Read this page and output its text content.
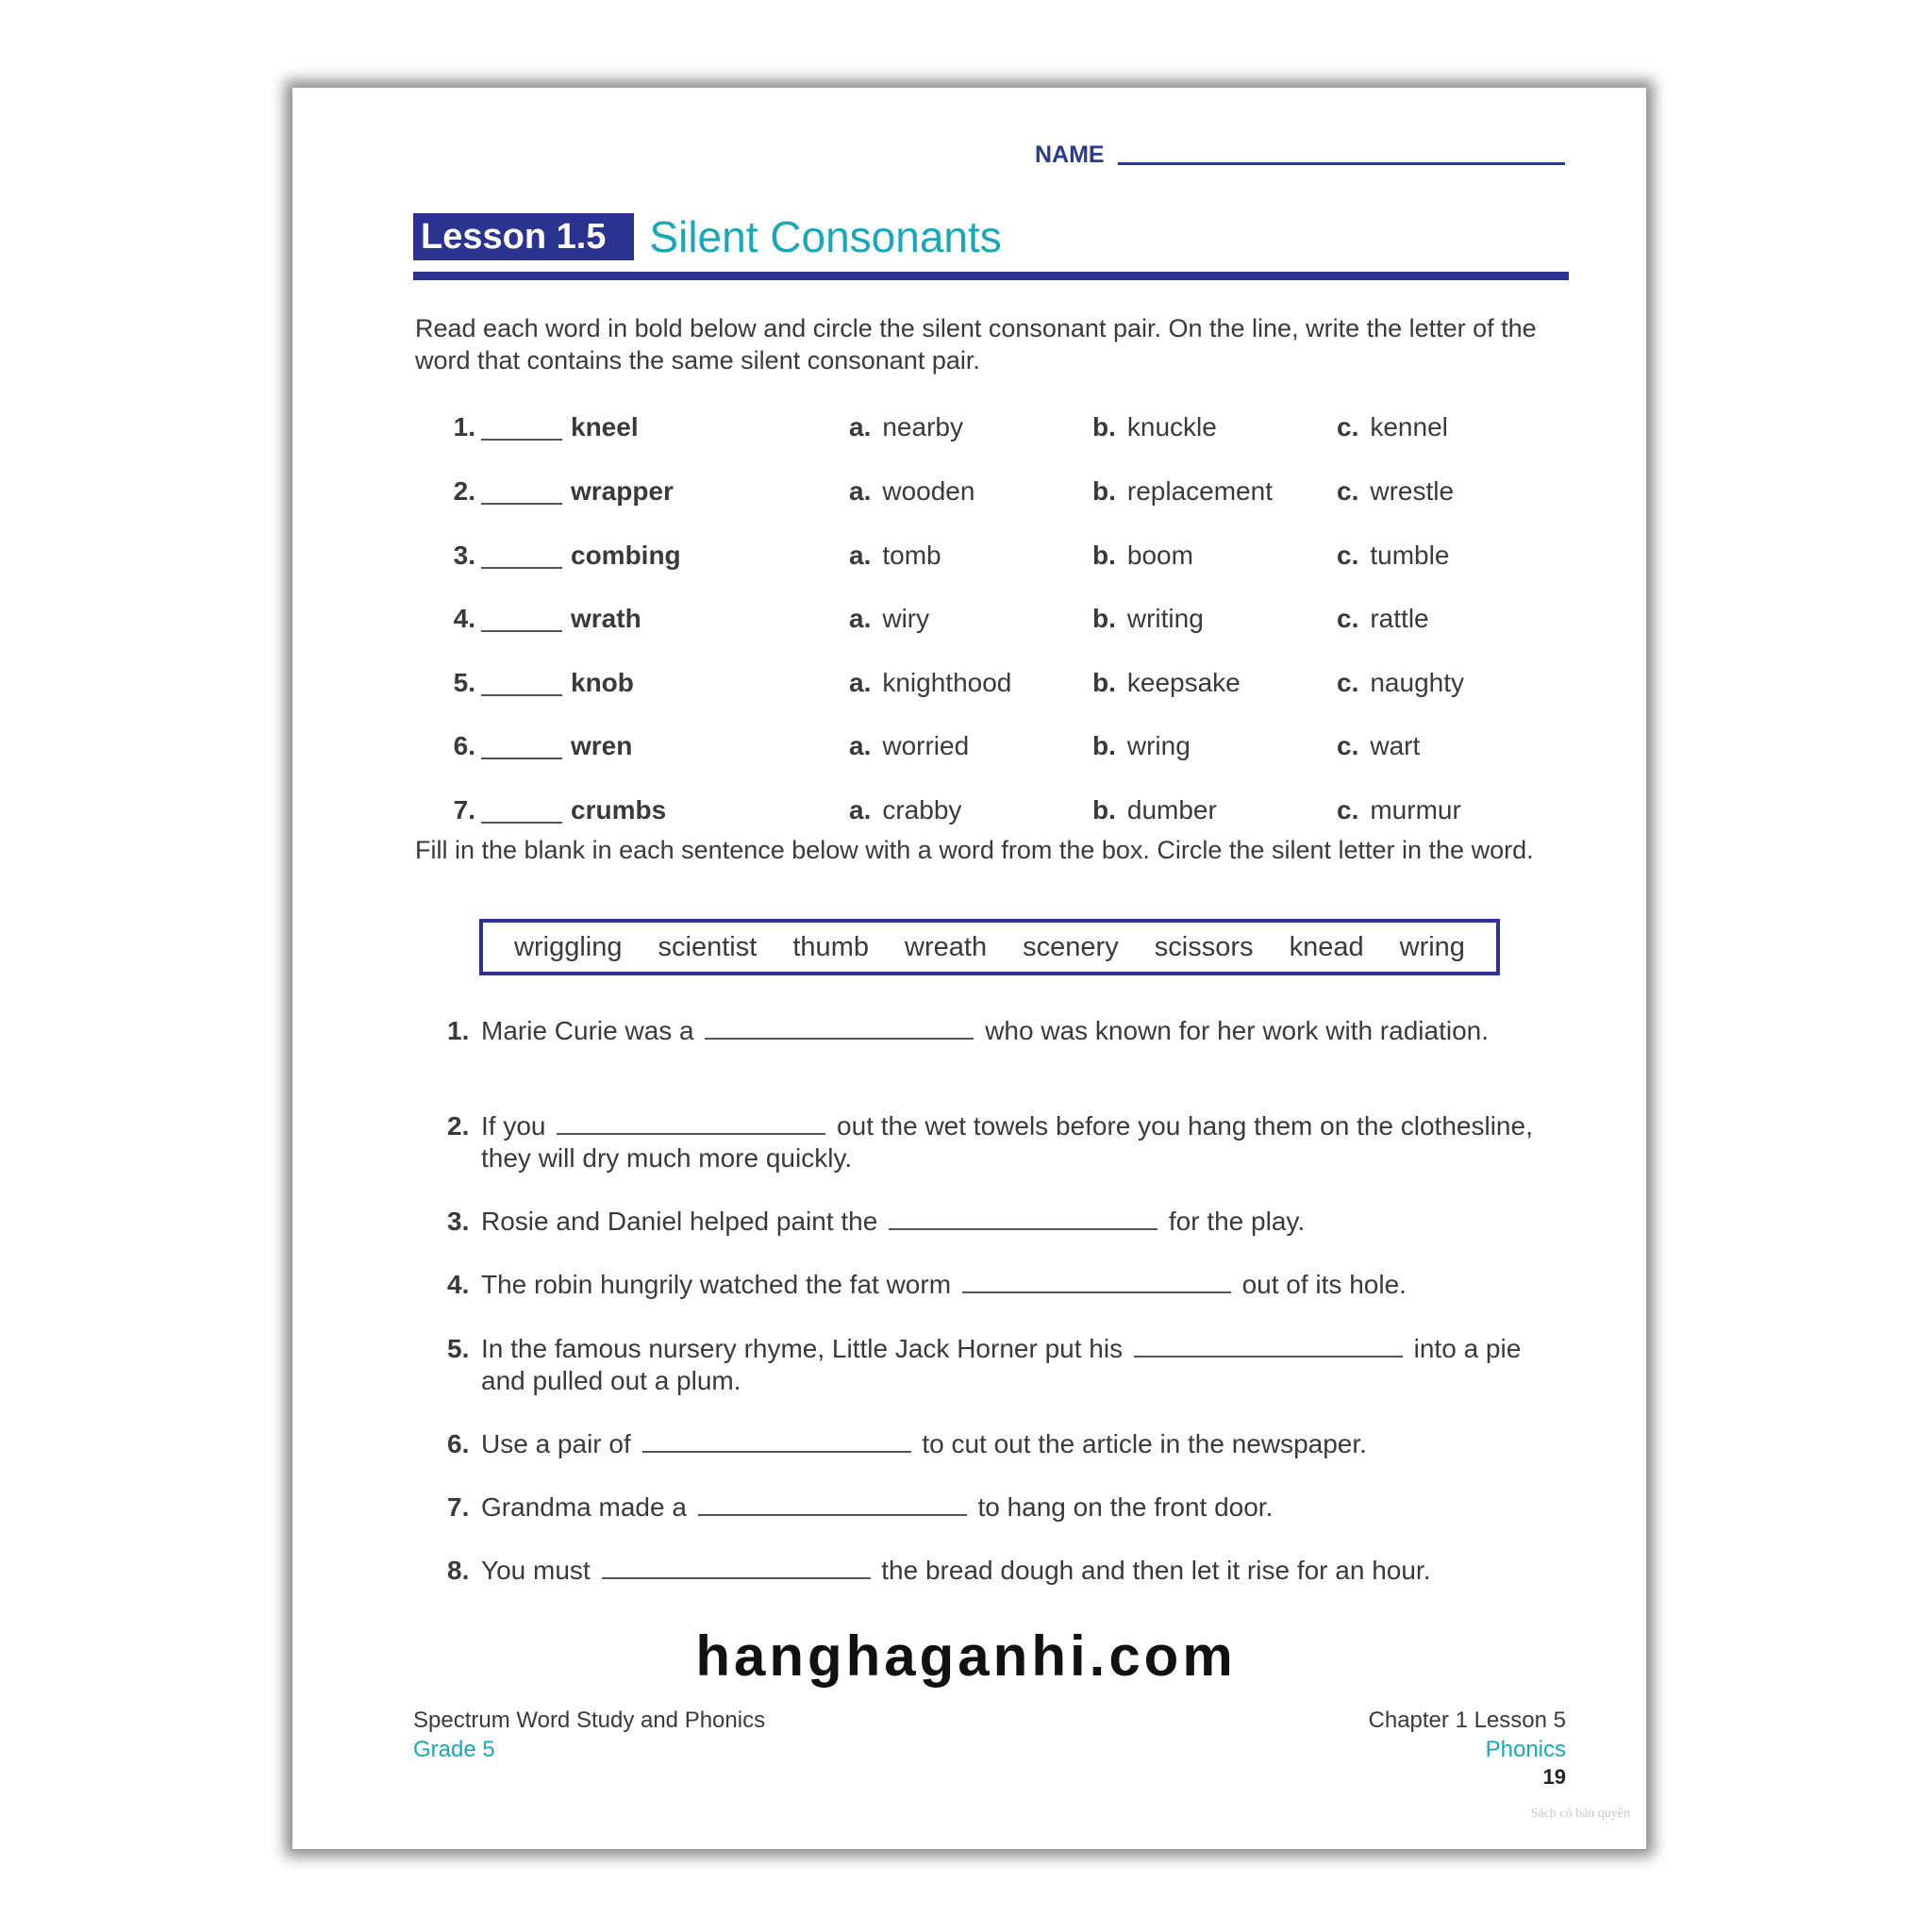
NAME
Lesson 1.5	Silent Consonants
Read each word in bold below and circle the silent consonant pair. On the line, write the letter of the word that contains the same silent consonant pair.
1.	kneel	a. nearby	b. knuckle	c. kennel
2.	wrapper	a. wooden	b. replacement c. wrestle
3.	combing	a. tomb	b. boom	c. tumble
4.	wrath	a. wiry	b. writing	c. rattle
5.	knob	a. knighthood	b. keepsake	c. naughty
6.	wren	a. worried	b. wring	c. wart
7.	crumbs	a. crabby	b. dumber	c. murmur
Fill in the blank in each sentence below with a word from the box. Circle the silent letter in the word.
wriggling scientist thumb wreath scenery scissors knead wring
1. Marie Curie was a	who was known for her work with radiation.
2. If you	out the wet towels before you hang them on the clothesline, they will dry much more quickly.
3. Rosie and Daniel helped paint the	for the play.
4. The robin hungrily watched the fat worm	out of its hole.
5. In the famous nursery rhyme, Little Jack Horner put his	into a pie and pulled out a plum.
6. Use a pair of	to cut out the article in the newspaper.
7. Grandma made a	to hang on the front door.
8. You must	the bread dough and then let it rise for an hour.
hanghaganhi.com
Spectrum Word Study and Phonics
Grade 5
Chapter 1 Lesson 5
Phonics
19
Sách có bản quyền
